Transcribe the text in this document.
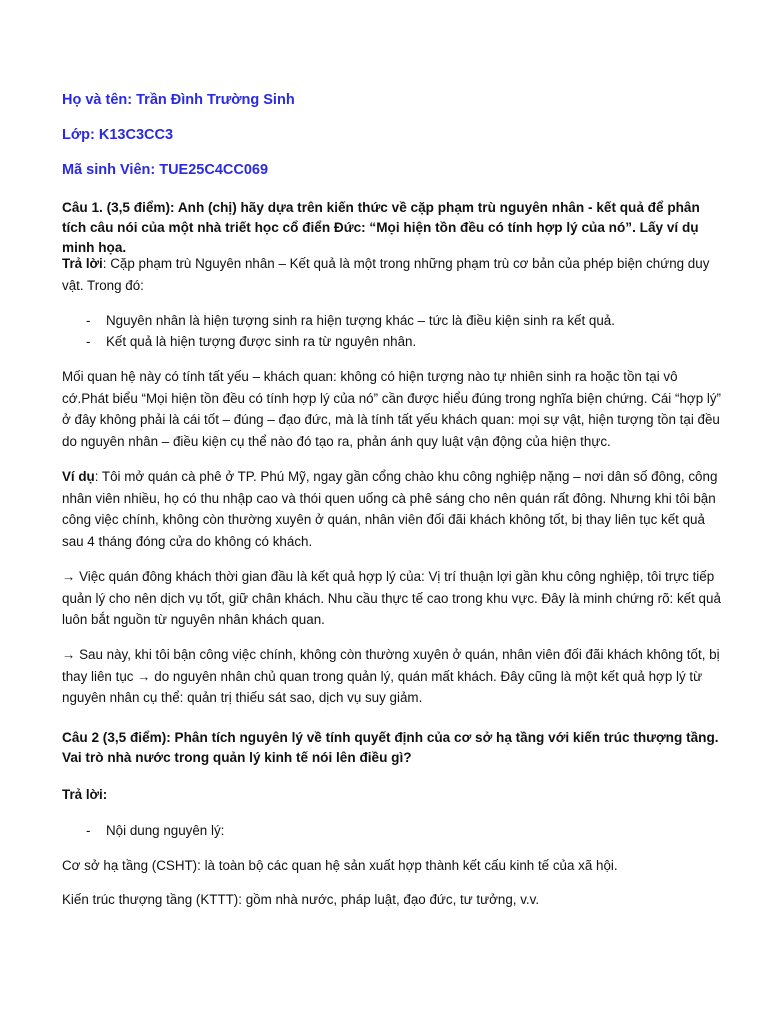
Họ và tên: Trần Đình Trường Sinh

Lớp: K13C3CC3

Mã sinh Viên: TUE25C4CC069

Câu 1. (3,5 điểm): Anh (chị) hãy dựa trên kiến thức về cặp phạm trù nguyên nhân - kết quả để phân tích câu nói của một nhà triết học cổ điển Đức: “Mọi hiện tồn đều có tính hợp lý của nó”. Lấy ví dụ minh họa.

Trả lời: Cặp phạm trù Nguyên nhân – Kết quả là một trong những phạm trù cơ bản của phép biện chứng duy vật. Trong đó:

-	Nguyên nhân là hiện tượng sinh ra hiện tượng khác – tức là điều kiện sinh ra kết quả.
-	Kết quả là hiện tượng được sinh ra từ nguyên nhân.

Mối quan hệ này có tính tất yếu – khách quan: không có hiện tượng nào tự nhiên sinh ra hoặc tồn tại vô cớ.Phát biểu “Mọi hiện tồn đều có tính hợp lý của nó” cần được hiểu đúng trong nghĩa biện chứng. Cái “hợp lý” ở đây không phải là cái tốt – đúng – đạo đức, mà là tính tất yếu khách quan: mọi sự vật, hiện tượng tồn tại đều do nguyên nhân – điều kiện cụ thể nào đó tạo ra, phản ánh quy luật vận động của hiện thực.

Ví dụ: Tôi mở quán cà phê ở TP. Phú Mỹ, ngay gần cổng chào khu công nghiệp nặng – nơi dân số đông, công nhân viên nhiều, họ có thu nhập cao và thói quen uống cà phê sáng cho nên quán rất đông. Nhưng khi tôi bận công việc chính, không còn thường xuyên ở quán, nhân viên đối đãi khách không tốt, bị thay liên tục kết quả sau 4 tháng đóng cửa do không có khách.

→ Việc quán đông khách thời gian đầu là kết quả hợp lý của: Vị trí thuận lợi gần khu công nghiệp, tôi trực tiếp quản lý cho nên dịch vụ tốt, giữ chân khách. Nhu cầu thực tế cao trong khu vực. Đây là minh chứng rõ: kết quả luôn bắt nguồn từ nguyên nhân khách quan.

→ Sau này, khi tôi bận công việc chính, không còn thường xuyên ở quán, nhân viên đối đãi khách không tốt, bị thay liên tục → do nguyên nhân chủ quan trong quản lý, quán mất khách. Đây cũng là một kết quả hợp lý từ nguyên nhân cụ thể: quản trị thiếu sát sao, dịch vụ suy giảm.

Câu 2 (3,5 điểm): Phân tích nguyên lý về tính quyết định của cơ sở hạ tầng với kiến trúc thượng tầng. Vai trò nhà nước trong quản lý kinh tế nói lên điều gì?

Trả lời:

-	Nội dung nguyên lý:

Cơ sở hạ tầng (CSHT): là toàn bộ các quan hệ sản xuất hợp thành kết cấu kinh tế của xã hội.

Kiến trúc thượng tầng (KTTT): gồm nhà nước, pháp luật, đạo đức, tư tưởng, v.v.
